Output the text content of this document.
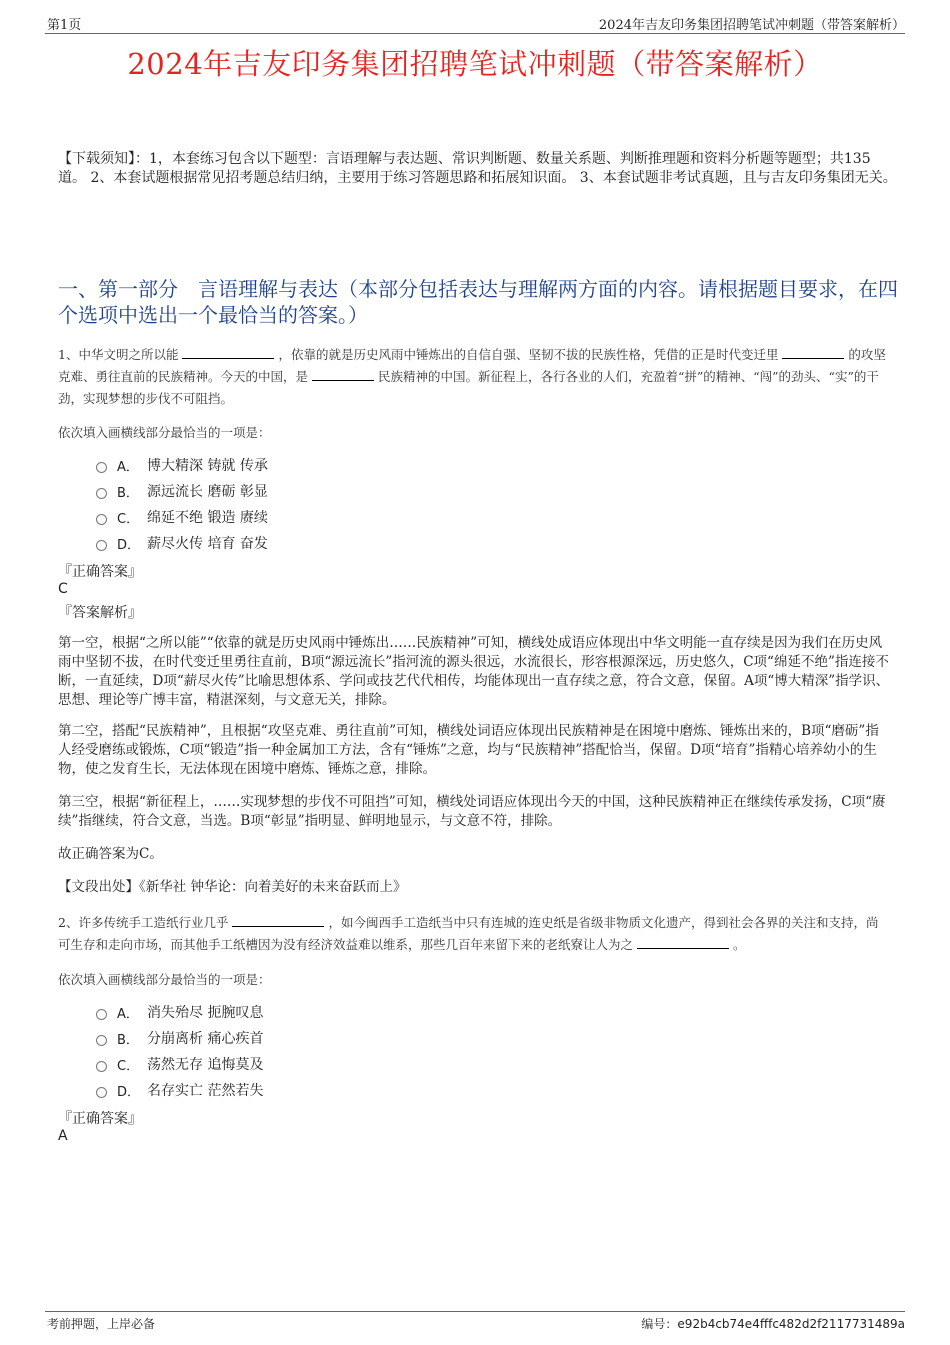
第1页	2024年吉友印务集团招聘笔试冲刺题（带答案解析）
2024年吉友印务集团招聘笔试冲刺题（带答案解析）
【下载须知】：1，本套练习包含以下题型：言语理解与表达题、常识判断题、数量关系题、判断推理题和资料分析题等题型；共135道。 2、本套试题根据常见招考题总结归纳，主要用于练习答题思路和拓展知识面。 3、本套试题非考试真题，且与吉友印务集团无关。
一、第一部分　言语理解与表达（本部分包括表达与理解两方面的内容。请根据题目要求，在四个选项中选出一个最恰当的答案。）
1、中华文明之所以能	，依靠的就是历史风雨中锤炼出的自信自强、坚韧不拔的民族性格，凭借的正是时代变迁里	的攻坚克难、勇往直前的民族精神。今天的中国，是	民族精神的中国。新征程上，各行各业的人们，充盈着“拼”的精神、“闯”的劲头、“实”的干劲，实现梦想的步伐不可阻挡。
依次填入画横线部分最恰当的一项是：
A． 博大精深 铸就 传承
B． 源远流长 磨砺 彰显
C． 绵延不绝 锻造 赓续
D． 薪尽火传 培育 奋发
『正确答案』
C
『答案解析』
第一空，根据“之所以能”“依靠的就是历史风雨中锤炼出……民族精神”可知，横线处成语应体现出中华文明能一直存续是因为我们在历史风雨中坚韧不拔，在时代变迁里勇往直前，B项“源远流长”指河流的源头很远，水流很长，形容根源深远，历史悠久，C项“绵延不绝”指连接不断，一直延续，D项“薪尽火传”比喻思想体系、学问或技艺代代相传，均能体现出一直存续之意，符合文意，保留。A项“博大精深”指学识、思想、理论等广博丰富，精湛深刻，与文意无关，排除。
第二空，搭配“民族精神”，且根据“攻坚克难、勇往直前”可知，横线处词语应体现出民族精神是在困境中磨炼、锤炼出来的，B项“磨砺”指人经受磨练或锻炼，C项“锻造”指一种金属加工方法，含有“锤炼”之意，均与“民族精神”搭配恰当，保留。D项“培育”指精心培养幼小的生物，使之发育生长，无法体现在困境中磨炼、锤炼之意，排除。
第三空，根据“新征程上，……实现梦想的步伐不可阻挡”可知，横线处词语应体现出今天的中国，这种民族精神正在继续传承发扬，C项“赓续”指继续，符合文意，当选。B项“彰显”指明显、鲜明地显示，与文意不符，排除。
故正确答案为C。
【文段出处】《新华社 钟华论：向着美好的未来奋跃而上》
2、许多传统手工造纸行业几乎	，如今闽西手工造纸当中只有连城的连史纸是省级非物质文化遗产，得到社会各界的关注和支持，尚可生存和走向市场，而其他手工纸槽因为没有经济效益难以维系，那些几百年来留下来的老纸寮让人为之	。
依次填入画横线部分最恰当的一项是：
A． 消失殆尽 扼腕叹息
B． 分崩离析 痛心疾首
C． 荡然无存 追悔莫及
D． 名存实亡 茫然若失
『正确答案』
A
考前押题，上岸必备	编号：e92b4cb74e4fffc482d2f2117731489a
